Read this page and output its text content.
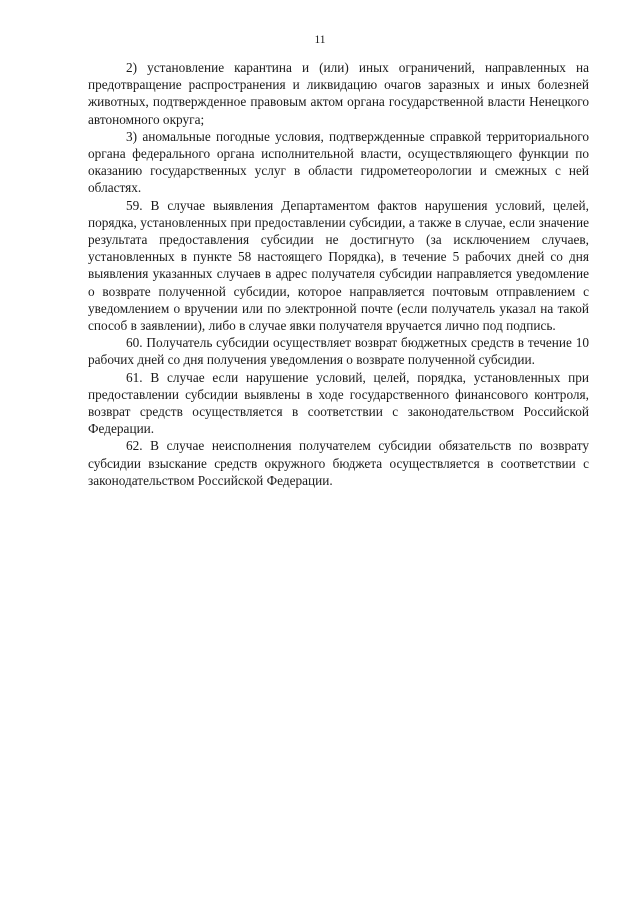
11

2) установление карантина и (или) иных ограничений, направленных на предотвращение распространения и ликвидацию очагов заразных и иных болезней животных, подтвержденное правовым актом органа государственной власти Ненецкого автономного округа;

3) аномальные погодные условия, подтвержденные справкой территориального органа федерального органа исполнительной власти, осуществляющего функции по оказанию государственных услуг в области гидрометеорологии и смежных с ней областях.

59. В случае выявления Департаментом фактов нарушения условий, целей, порядка, установленных при предоставлении субсидии, а также в случае, если значение результата предоставления субсидии не достигнуто (за исключением случаев, установленных в пункте 58 настоящего Порядка), в течение 5 рабочих дней со дня выявления указанных случаев в адрес получателя субсидии направляется уведомление о возврате полученной субсидии, которое направляется почтовым отправлением с уведомлением о вручении или по электронной почте (если получатель указал на такой способ в заявлении), либо в случае явки получателя вручается лично под подпись.

60. Получатель субсидии осуществляет возврат бюджетных средств в течение 10 рабочих дней со дня получения уведомления о возврате полученной субсидии.

61. В случае если нарушение условий, целей, порядка, установленных при предоставлении субсидии выявлены в ходе государственного финансового контроля, возврат средств осуществляется в соответствии с законодательством Российской Федерации.

62. В случае неисполнения получателем субсидии обязательств по возврату субсидии взыскание средств окружного бюджета осуществляется в соответствии с законодательством Российской Федерации.
